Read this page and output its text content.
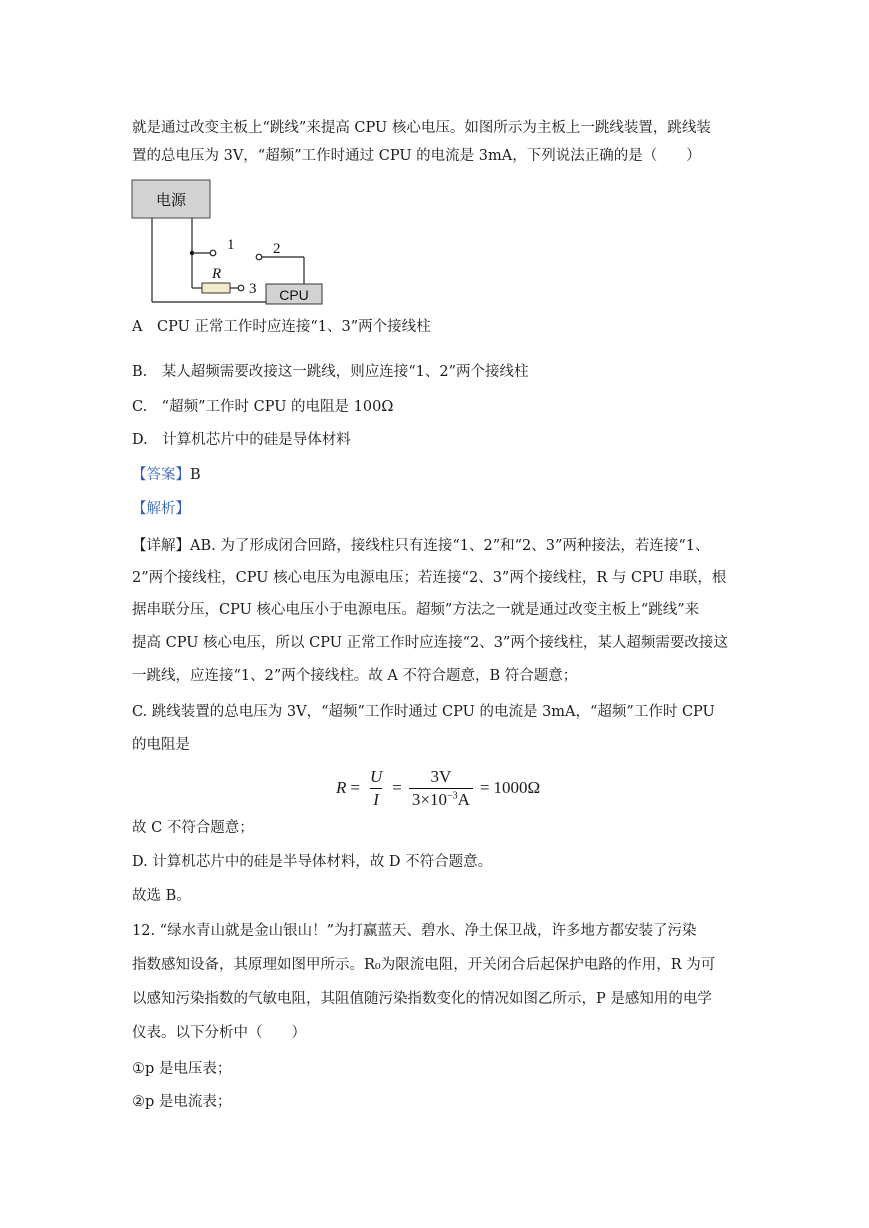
就是通过改变主板上“跳线”来提高 CPU 核心电压。如图所示为主板上一跳线装置，跳线装
置的总电压为 3V，“超频”工作时通过 CPU 的电流是 3mA，下列说法正确的是（　　）
电源
1	2
R
3 CPU
A　CPU 正常工作时应连接“1、3”两个接线柱
B.　某人超频需要改接这一跳线，则应连接“1、2”两个接线柱
C.　“超频”工作时 CPU 的电阻是 100Ω
D.　计算机芯片中的硅是导体材料
【答案】B
【解析】
【详解】AB. 为了形成闭合回路，接线柱只有连接“1、2”和“2、3”两种接法，若连接“1、
2”两个接线柱，CPU 核心电压为电源电压；若连接“2、3”两个接线柱，R 与 CPU 串联，根
据串联分压，CPU 核心电压小于电源电压。超频”方法之一就是通过改变主板上“跳线”来
提高 CPU 核心电压，所以 CPU 正常工作时应连接“2、3”两个接线柱，某人超频需要改接这
一跳线，应连接“1、2”两个接线柱。故 A 不符合题意，B 符合题意；
C. 跳线装置的总电压为 3V，“超频”工作时通过 CPU 的电流是 3mA，“超频”工作时 CPU
的电阻是
$R = \frac{U}{I} = \frac{3V}{3\times 10^{-3}A} = 1000\Omega$
故 C 不符合题意；
D. 计算机芯片中的硅是半导体材料，故 D 不符合题意。
故选 B。
12. “绿水青山就是金山银山！”为打赢蓝天、碧水、净土保卫战，许多地方都安装了污染
指数感知设备，其原理如图甲所示。R₀为限流电阻，开关闭合后起保护电路的作用，R 为可
以感知污染指数的气敏电阻，其阻值随污染指数变化的情况如图乙所示，P 是感知用的电学
仪表。以下分析中（　　）
①p 是电压表；
②p 是电流表；
